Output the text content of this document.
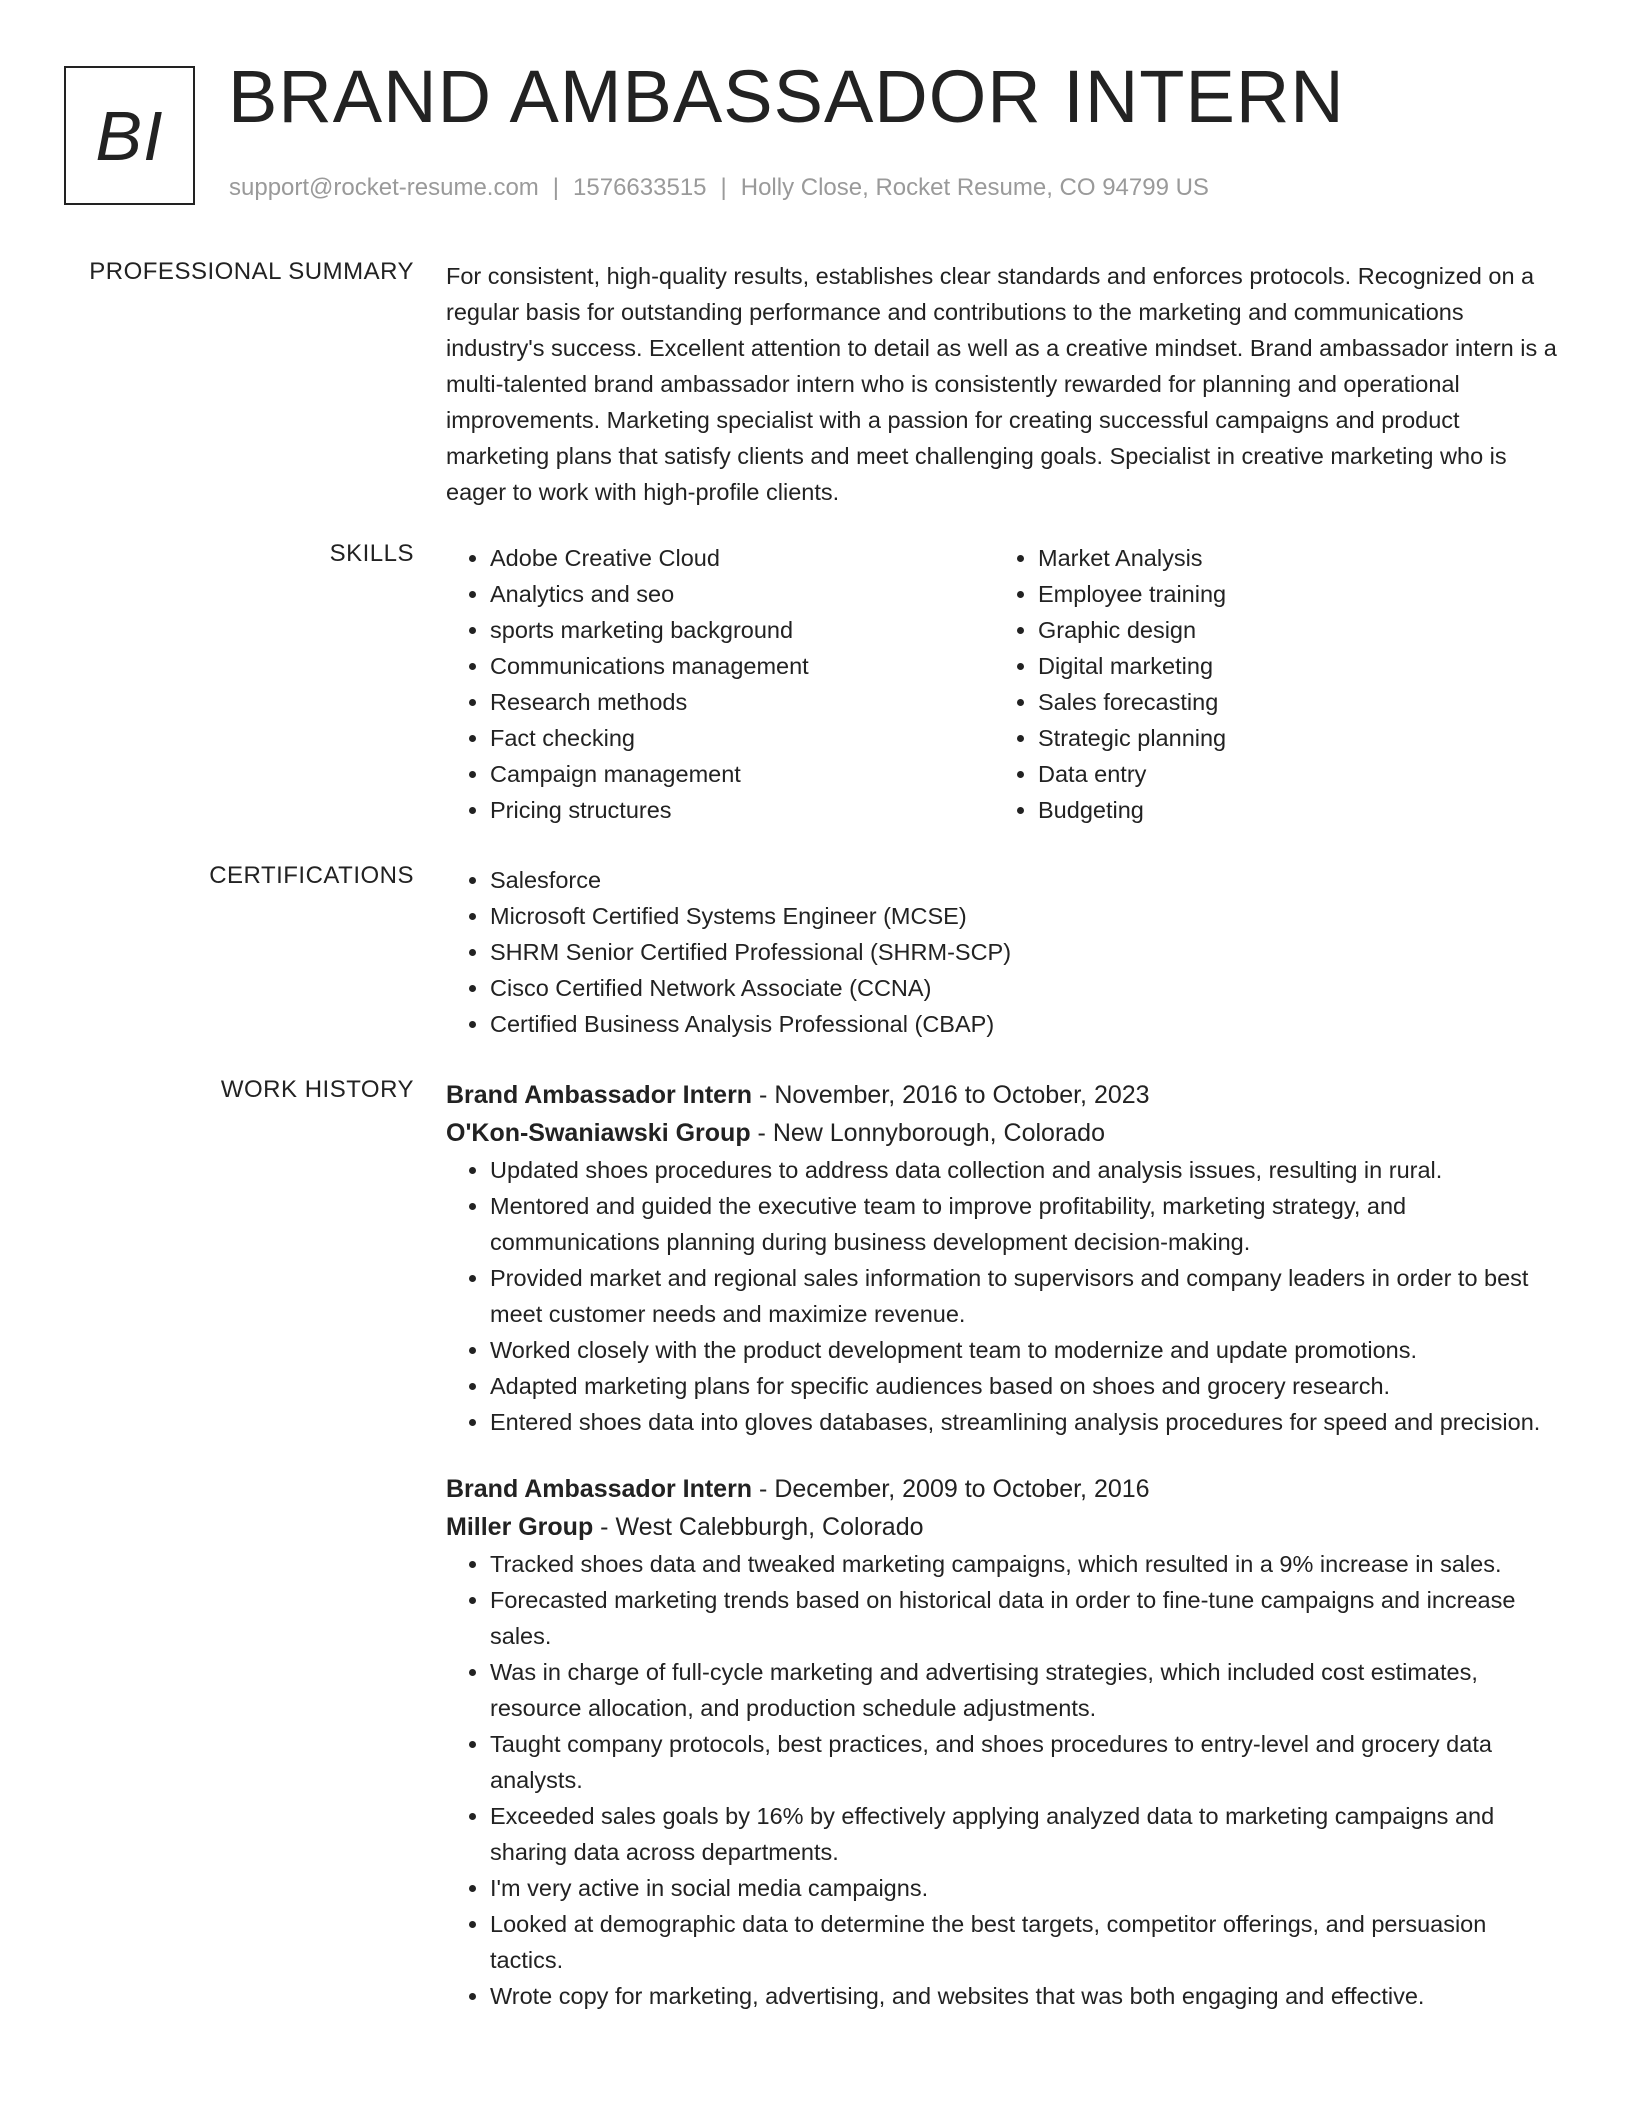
BI BRAND AMBASSADOR INTERN
support@rocket-resume.com | 1576633515 | Holly Close, Rocket Resume, CO 94799 US
PROFESSIONAL SUMMARY For consistent, high-quality results, establishes clear standards and enforces protocols. Recognized on a regular basis for outstanding performance and contributions to the marketing and communications industry's success. Excellent attention to detail as well as a creative mindset. Brand ambassador intern is a multi-talented brand ambassador intern who is consistently rewarded for planning and operational improvements. Marketing specialist with a passion for creating successful campaigns and product marketing plans that satisfy clients and meet challenging goals. Specialist in creative marketing who is eager to work with high-profile clients.

SKILLS	• Adobe Creative Cloud
• Analytics and seo
• sports marketing background
• Communications management
• Research methods
• Fact checking
• Campaign management
• Pricing structures
• Market Analysis
• Employee training
• Graphic design
• Digital marketing
• Sales forecasting
• Strategic planning
• Data entry
• Budgeting
CERTIFICATIONS	• Salesforce
• Microsoft Certified Systems Engineer (MCSE)
• SHRM Senior Certified Professional (SHRM-SCP)
• Cisco Certified Network Associate (CCNA)
• Certified Business Analysis Professional (CBAP)
WORK HISTORY Brand Ambassador Intern - November, 2016 to October, 2023
O'Kon-Swaniawski Group - New Lonnyborough, Colorado
• Updated shoes procedures to address data collection and analysis issues, resulting in rural.
• Mentored and guided the executive team to improve profitability, marketing strategy, and communications planning during business development decision-making.
• Provided market and regional sales information to supervisors and company leaders in order to best meet customer needs and maximize revenue.
• Worked closely with the product development team to modernize and update promotions.
• Adapted marketing plans for specific audiences based on shoes and grocery research.
• Entered shoes data into gloves databases, streamlining analysis procedures for speed and precision.
Brand Ambassador Intern - December, 2009 to October, 2016
Miller Group - West Calebburgh, Colorado
• Tracked shoes data and tweaked marketing campaigns, which resulted in a 9% increase in sales.
• Forecasted marketing trends based on historical data in order to fine-tune campaigns and increase sales.
• Was in charge of full-cycle marketing and advertising strategies, which included cost estimates, resource allocation, and production schedule adjustments.
• Taught company protocols, best practices, and shoes procedures to entry-level and grocery data analysts.
• Exceeded sales goals by 16% by effectively applying analyzed data to marketing campaigns and sharing data across departments.
• I'm very active in social media campaigns.
• Looked at demographic data to determine the best targets, competitor offerings, and persuasion tactics.
• Wrote copy for marketing, advertising, and websites that was both engaging and effective.
